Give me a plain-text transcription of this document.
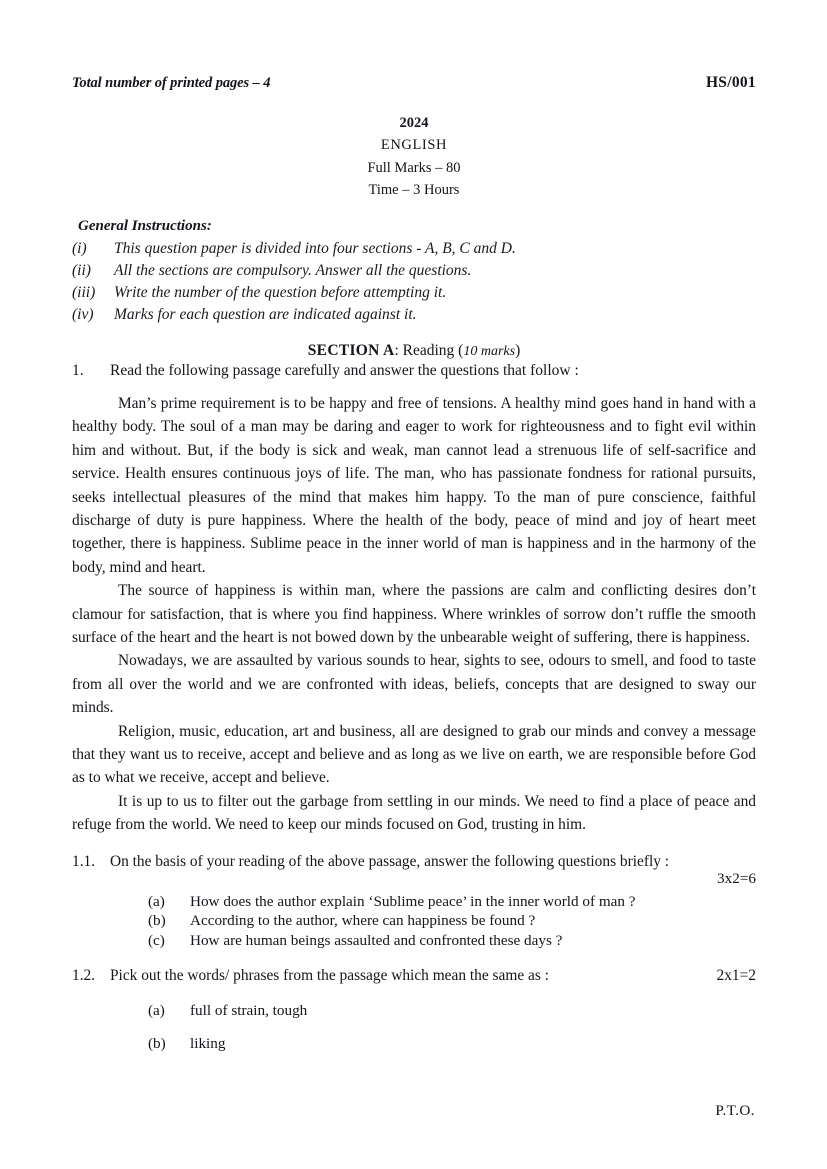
Total number of printed pages – 4	HS/001
2024
ENGLISH
Full Marks – 80
Time – 3 Hours
General Instructions:
(i)	This question paper is divided into four sections - A, B, C and D.
(ii)	All the sections are compulsory. Answer all the questions.
(iii)	Write the number of the question before attempting it.
(iv)	Marks for each question are indicated against it.
SECTION A: Reading (10 marks)
1.	Read the following passage carefully and answer the questions that follow :

Man’s prime requirement is to be happy and free of tensions. A healthy mind goes hand in hand with a healthy body. The soul of a man may be daring and eager to work for righteousness and to fight evil within him and without. But, if the body is sick and weak, man cannot lead a strenuous life of self-sacrifice and service. Health ensures continuous joys of life. The man, who has passionate fondness for rational pursuits, seeks intellectual pleasures of the mind that makes him happy. To the man of pure conscience, faithful discharge of duty is pure happiness. Where the health of the body, peace of mind and joy of heart meet together, there is happiness. Sublime peace in the inner world of man is happiness and in the harmony of the body, mind and heart.

The source of happiness is within man, where the passions are calm and conflicting desires don’t clamour for satisfaction, that is where you find happiness. Where wrinkles of sorrow don’t ruffle the smooth surface of the heart and the heart is not bowed down by the unbearable weight of suffering, there is happiness.

Nowadays, we are assaulted by various sounds to hear, sights to see, odours to smell, and food to taste from all over the world and we are confronted with ideas, beliefs, concepts that are designed to sway our minds.

Religion, music, education, art and business, all are designed to grab our minds and convey a message that they want us to receive, accept and believe and as long as we live on earth, we are responsible before God as to what we receive, accept and believe.

It is up to us to filter out the garbage from settling in our minds. We need to find a place of peace and refuge from the world. We need to keep our minds focused on God, trusting in him.

1.1. On the basis of your reading of the above passage, answer the following questions briefly :
3x2=6
(a)	How does the author explain ‘Sublime peace’ in the inner world of man ?
(b)	According to the author, where can happiness be found ?
(c)	How are human beings assaulted and confronted these days ?
1.2. Pick out the words/ phrases from the passage which mean the same as :	2x1=2
(a)	full of strain, tough
(b)	liking
P.T.O.
